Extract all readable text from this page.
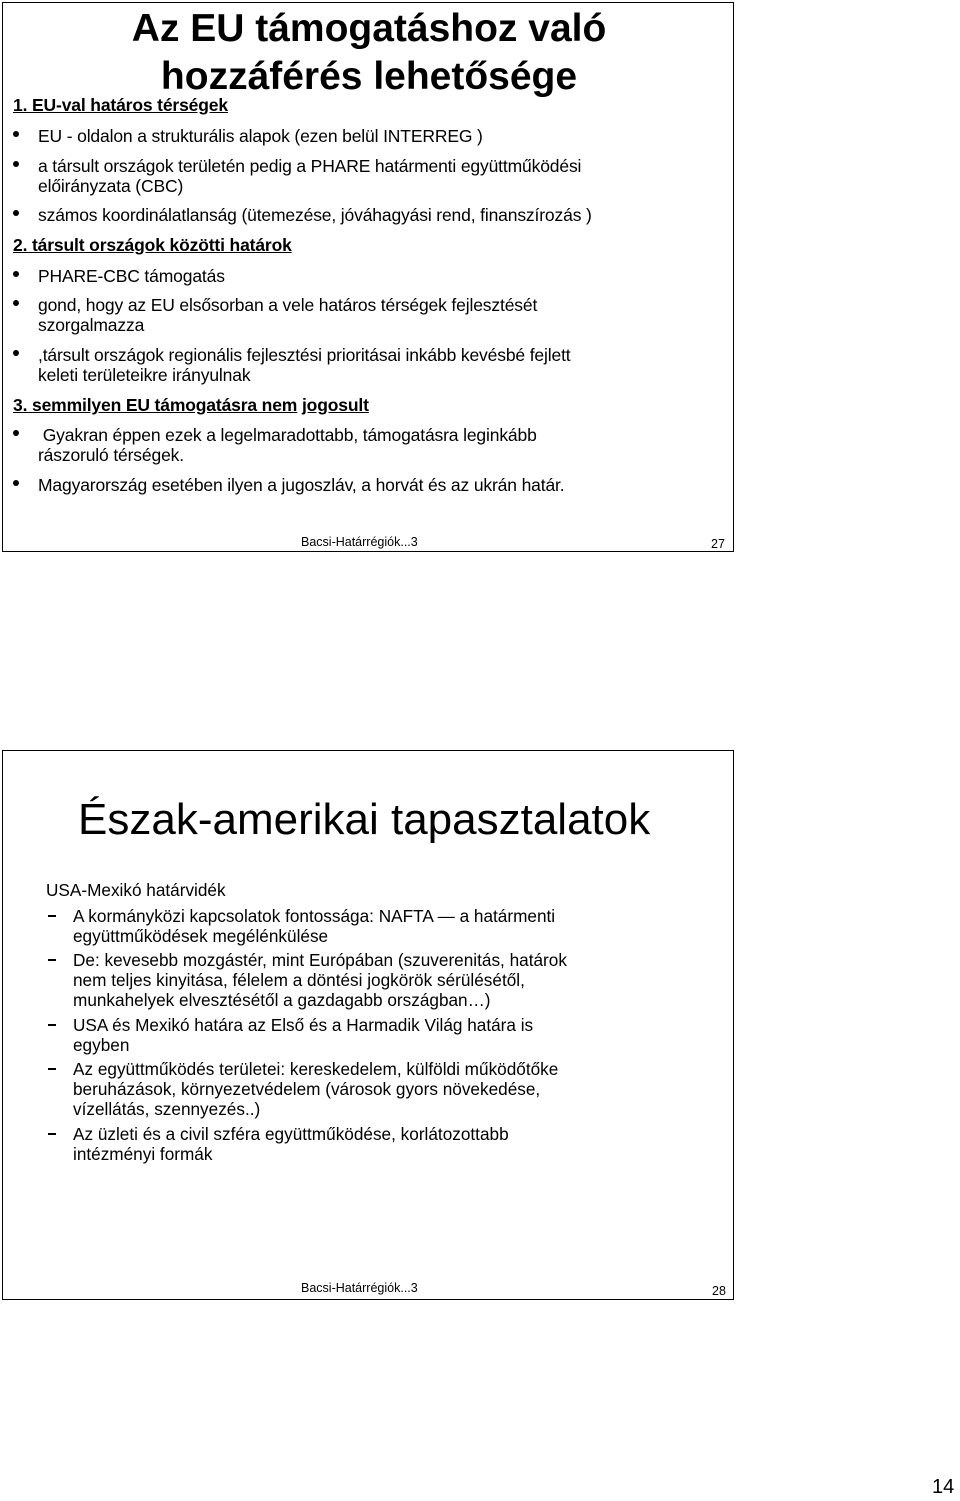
Az EU támogatáshoz való
hozzáférés lehetősége
1. EU-val határos térségek
EU - oldalon a strukturális alapok (ezen belül INTERREG )
a társult országok területén pedig a PHARE határmenti együttműködési
előirányzata (CBC)
számos koordinálatlanság (ütemezése, jóváhagyási rend, finanszírozás )
2. társult országok közötti határok
PHARE-CBC támogatás
gond, hogy az EU elsősorban a vele határos térségek fejlesztését
szorgalmazza
,társult országok regionális fejlesztési prioritásai inkább kevésbé fejlett
keleti területeikre irányulnak
3. semmilyen EU támogatásra nem jogosult
Gyakran éppen ezek a legelmaradottabb, támogatásra leginkább
rászoruló térségek.
Magyarország esetében ilyen a jugoszláv, a horvát és az ukrán határ.
Bacsi-Határrégiók...3	27
Észak-amerikai tapasztalatok
USA-Mexikó határvidék
A kormányközi kapcsolatok fontossága: NAFTA — a határmenti
együttműködések megélénkülése
De: kevesebb mozgástér, mint Európában (szuverenitás, határok
nem teljes kinyitása, félelem a döntési jogkörök sérülésétől,
munkahelyek elvesztésétől a gazdagabb országban…)
USA és Mexikó határa az Első és a Harmadik Világ határa is
egyben
Az együttműködés területei: kereskedelem, külföldi működőtőke
beruházások, környezetvédelem (városok gyors növekedése,
vízellátás, szennyezés..)
Az üzleti és a civil szféra együttműködése, korlátozottabb
intézményi formák
Bacsi-Határrégiók...3	28
14
